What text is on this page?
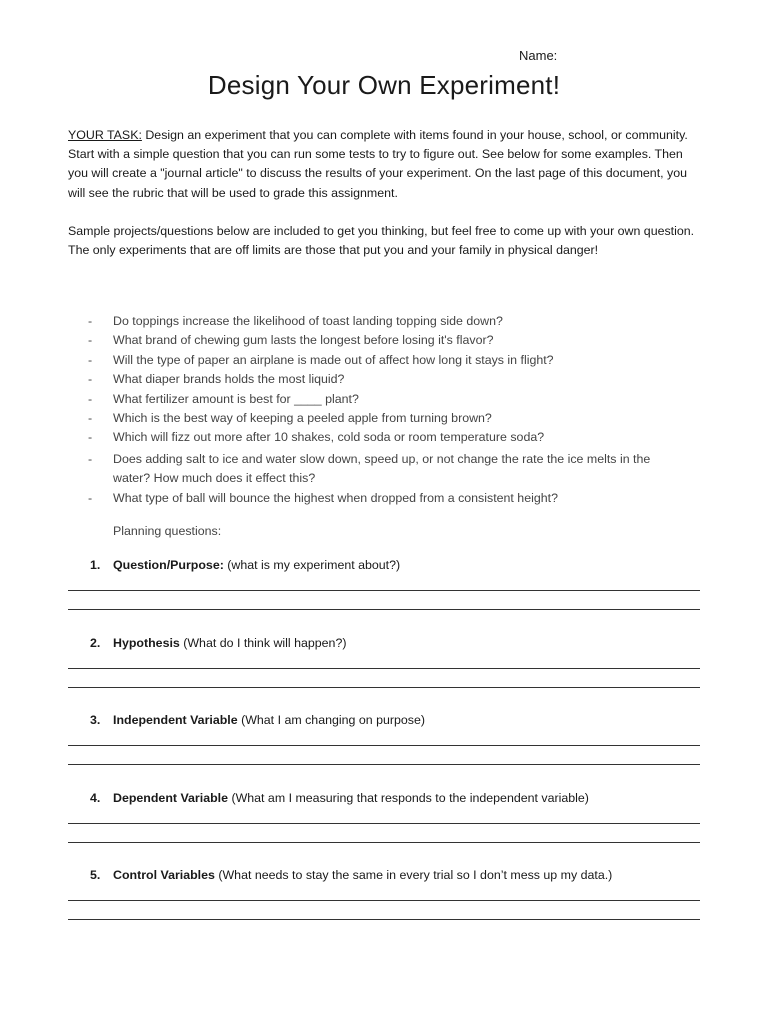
Name:
Design Your Own Experiment!

YOUR TASK: Design an experiment that you can complete with items found in your house, school, or community. Start with a simple question that you can run some tests to try to figure out. See below for some examples. Then you will create a "journal article" to discuss the results of your experiment. On the last page of this document, you will see the rubric that will be used to grade this assignment.

Sample projects/questions below are included to get you thinking, but feel free to come up with your own question. The only experiments that are off limits are those that put you and your family in physical danger!

- Do toppings increase the likelihood of toast landing topping side down?
- What brand of chewing gum lasts the longest before losing it's flavor?
- Will the type of paper an airplane is made out of affect how long it stays in flight?
- What diaper brands holds the most liquid?
- What fertilizer amount is best for ____ plant?
- Which is the best way of keeping a peeled apple from turning brown?
- Which will fizz out more after 10 shakes, cold soda or room temperature soda?
- Does adding salt to ice and water slow down, speed up, or not change the rate the ice melts in the water? How much does it effect this?
- What type of ball will bounce the highest when dropped from a consistent height?
Planning questions:
1. Question/Purpose: (what is my experiment about?)
2. Hypothesis (What do I think will happen?)
3. Independent Variable (What I am changing on purpose)
4. Dependent Variable (What am I measuring that responds to the independent variable)
5. Control Variables (What needs to stay the same in every trial so I don’t mess up my data.)
